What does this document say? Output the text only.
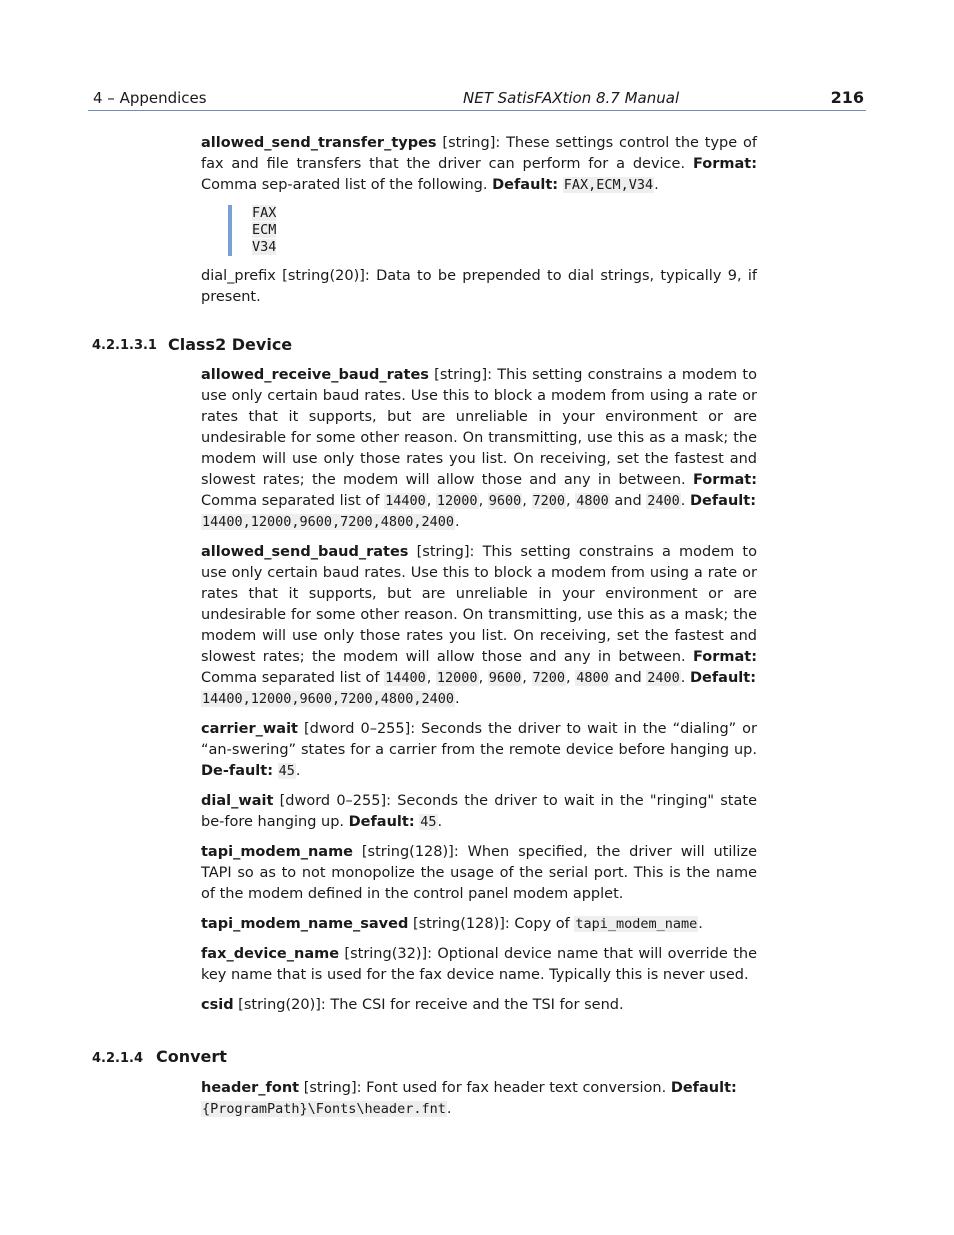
4 – Appendices	NET SatisFAXtion 8.7 Manual	216

allowed_send_transfer_types [string]: These settings control the type of fax and file transfers that the driver can perform for a device. Format: Comma sep-arated list of the following. Default: FAX,ECM,V34.

FAX
ECM
V34

dial_prefix [string(20)]: Data to be prepended to dial strings, typically 9, if present.

4.2.1.3.1 Class2 Device

allowed_receive_baud_rates [string]: This setting constrains a modem to use only certain baud rates. Use this to block a modem from using a rate or rates that it supports, but are unreliable in your environment or are undesirable for some other reason. On transmitting, use this as a mask; the modem will use only those rates you list. On receiving, set the fastest and slowest rates; the modem will allow those and any in between. Format: Comma separated list of 14400, 12000, 9600, 7200, 4800 and 2400. Default:
14400,12000,9600,7200,4800,2400.

allowed_send_baud_rates [string]: This setting constrains a modem to use only certain baud rates. Use this to block a modem from using a rate or rates that it supports, but are unreliable in your environment or are undesirable for some other reason. On transmitting, use this as a mask; the modem will use only those rates you list. On receiving, set the fastest and slowest rates; the modem will allow those and any in between. Format: Comma separated list of 14400, 12000, 9600, 7200, 4800 and 2400. Default:
14400,12000,9600,7200,4800,2400.

carrier_wait [dword 0–255]: Seconds the driver to wait in the “dialing” or “an-swering” states for a carrier from the remote device before hanging up. De-fault: 45.

dial_wait [dword 0–255]: Seconds the driver to wait in the "ringing" state be-fore hanging up. Default: 45.

tapi_modem_name [string(128)]: When specified, the driver will utilize TAPI so as to not monopolize the usage of the serial port. This is the name of the modem defined in the control panel modem applet.

tapi_modem_name_saved [string(128)]: Copy of tapi_modem_name.

fax_device_name [string(32)]: Optional device name that will override the key name that is used for the fax device name. Typically this is never used.

csid [string(20)]: The CSI for receive and the TSI for send.

4.2.1.4 Convert

header_font [string]: Font used for fax header text conversion. Default:
{ProgramPath}\Fonts\header.fnt.
